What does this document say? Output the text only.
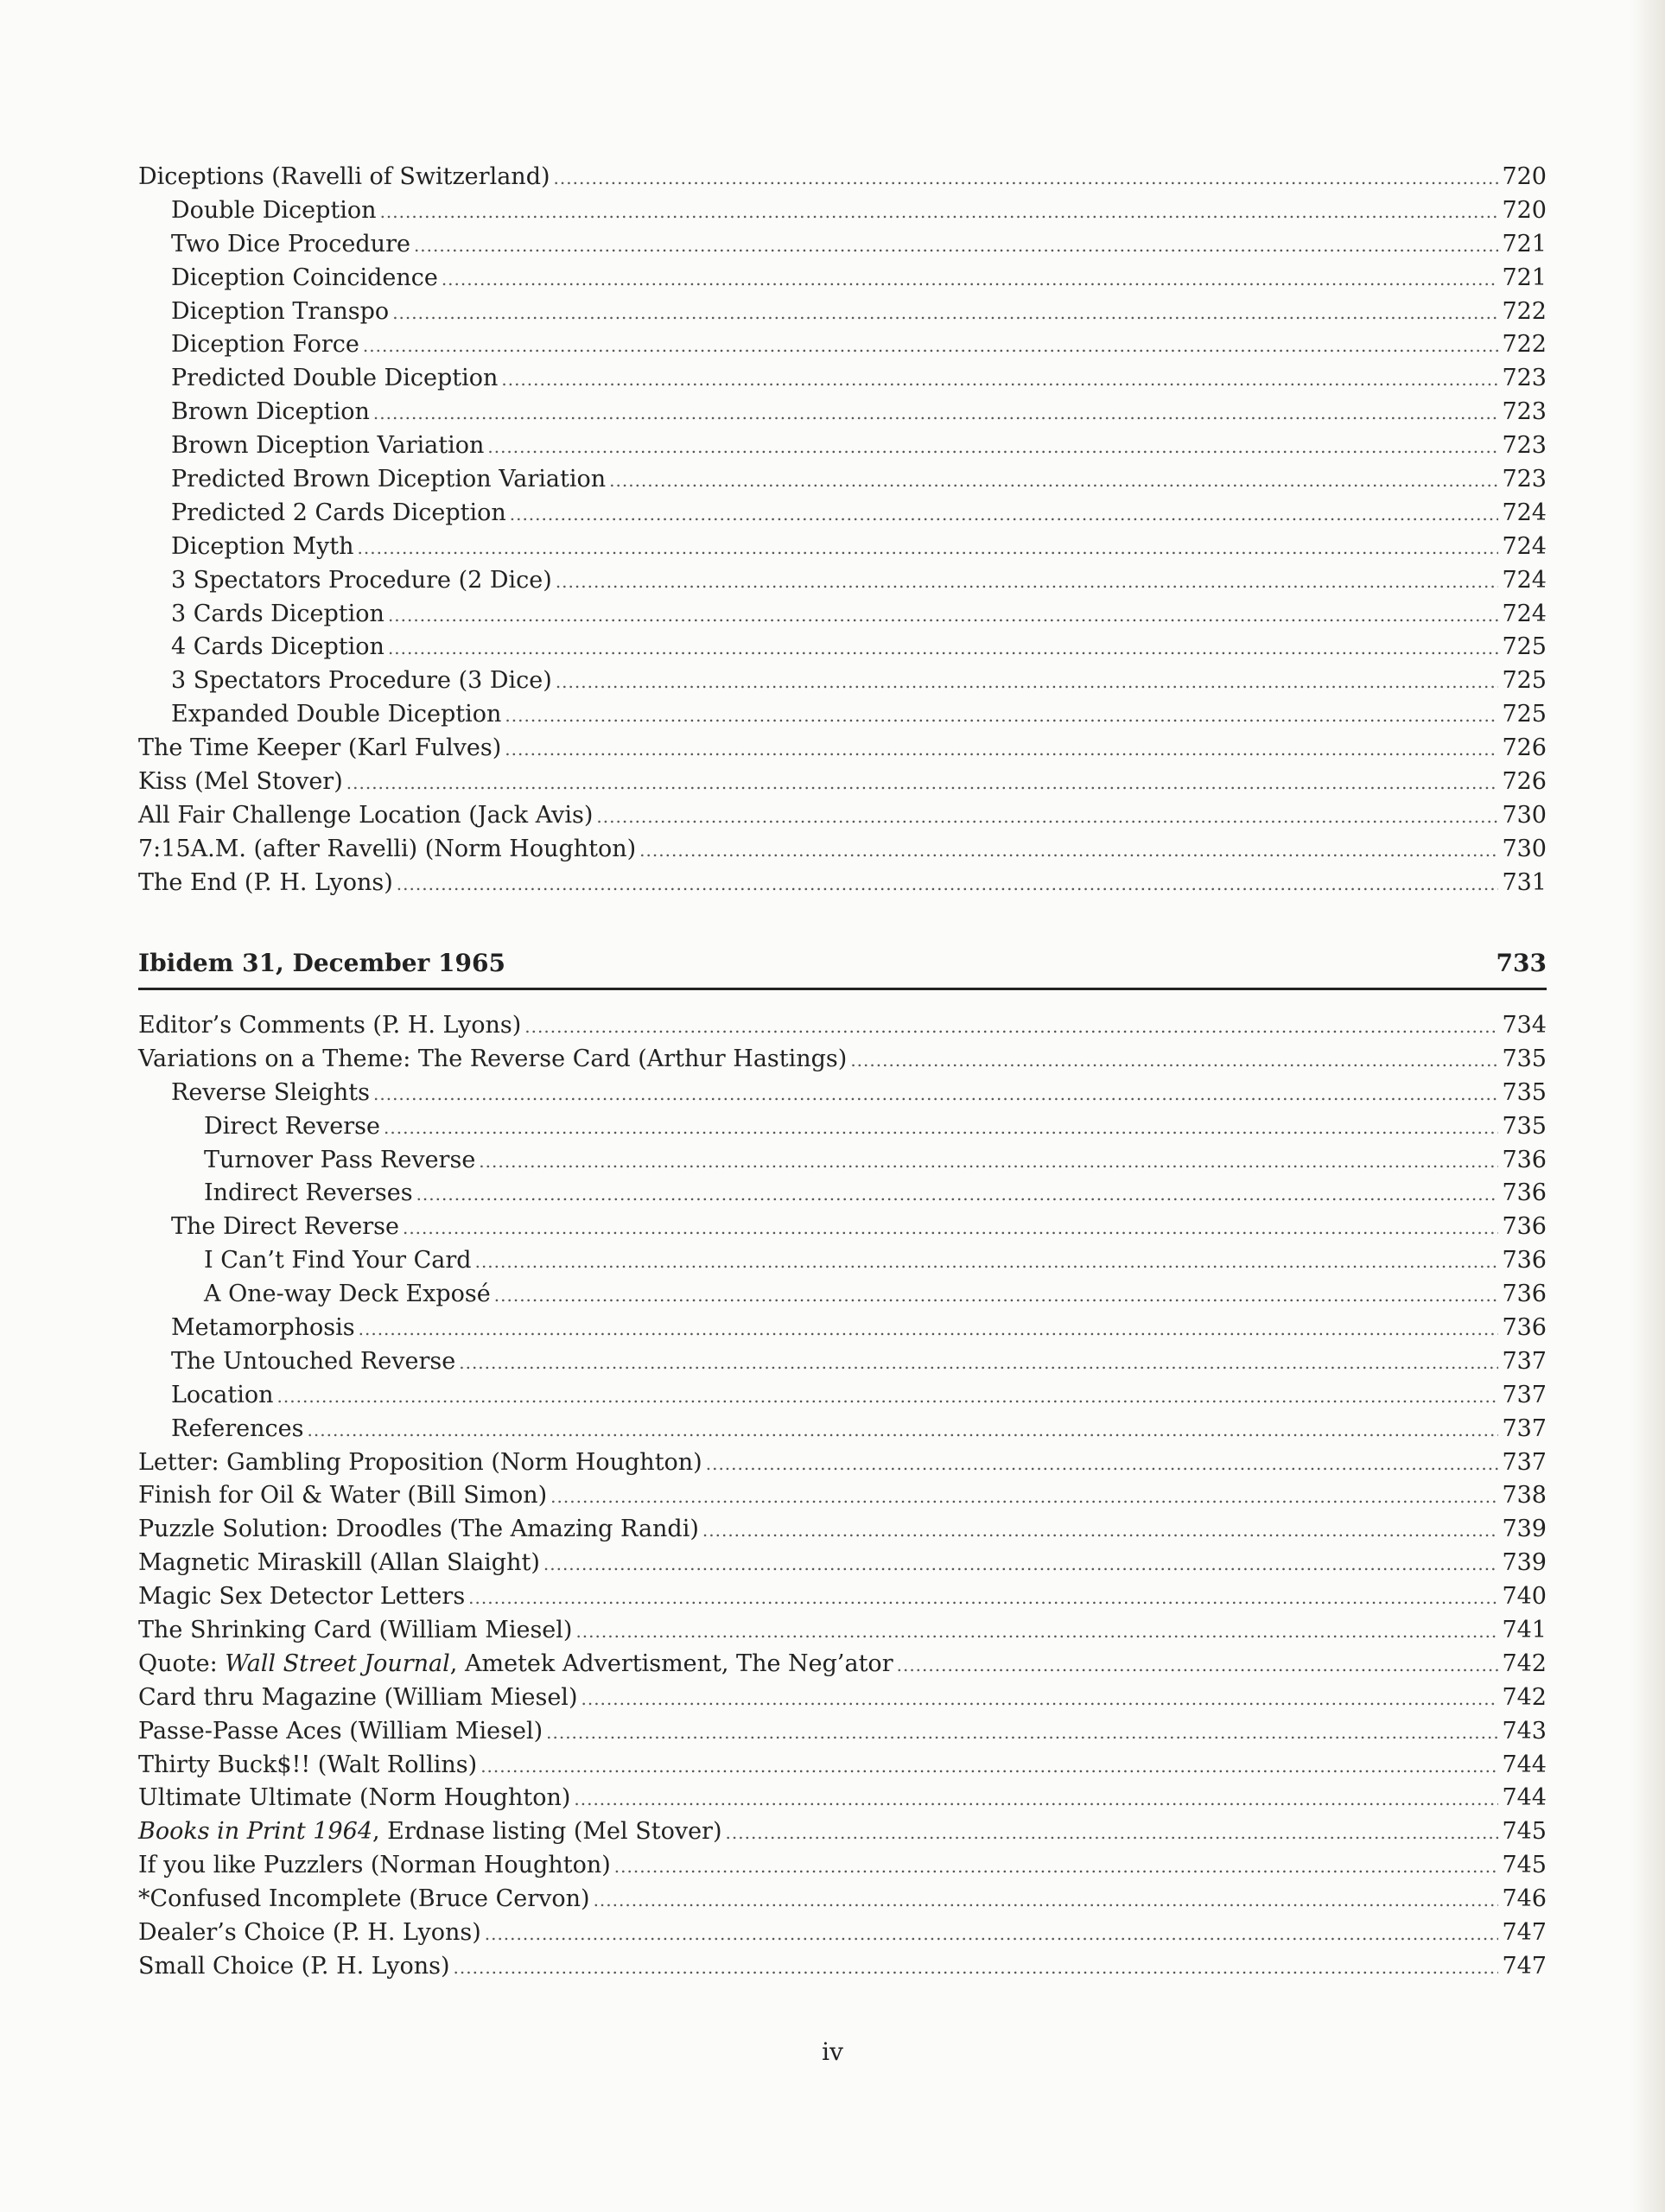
Diceptions (Ravelli of Switzerland) .....	720
Double Diception .....	720
Two Dice Procedure .....	721
Diception Coincidence .....	721
Diception Transpo .....	722
Diception Force .....	722
Predicted Double Diception .....	723
Brown Diception .....	723
Brown Diception Variation .....	723
Predicted Brown Diception Variation .....	723
Predicted 2 Cards Diception .....	724
Diception Myth .....	724
3 Spectators Procedure (2 Dice) .....	724
3 Cards Diception .....	724
4 Cards Diception .....	725
3 Spectators Procedure (3 Dice) .....	725
Expanded Double Diception .....	725
The Time Keeper (Karl Fulves) .....	726
Kiss (Mel Stover) .....	726
All Fair Challenge Location (Jack Avis) .....	730
7:15A.M. (after Ravelli) (Norm Houghton) .....	730
The End (P. H. Lyons) .....	731
Ibidem 31, December 1965	733
Editor’s Comments (P. H. Lyons) .....	734
Variations on a Theme: The Reverse Card (Arthur Hastings) .....	735
Reverse Sleights .....	735
Direct Reverse .....	735
Turnover Pass Reverse .....	736
Indirect Reverses .....	736
The Direct Reverse .....	736
I Can’t Find Your Card .....	736
A One-way Deck Exposé .....	736
Metamorphosis .....	736
The Untouched Reverse .....	737
Location .....	737
References .....	737
Letter: Gambling Proposition (Norm Houghton) .....	737
Finish for Oil & Water (Bill Simon) .....	738
Puzzle Solution: Droodles (The Amazing Randi) .....	739
Magnetic Miraskill (Allan Slaight) .....	739
Magic Sex Detector Letters .....	740
The Shrinking Card (William Miesel) .....	741
Quote: Wall Street Journal, Ametek Advertisment, The Neg’ator .....	742
Card thru Magazine (William Miesel) .....	742
Passe-Passe Aces (William Miesel) .....	743
Thirty Buck$!! (Walt Rollins) .....	744
Ultimate Ultimate (Norm Houghton) .....	744
Books in Print 1964, Erdnase listing (Mel Stover) .....	745
If you like Puzzlers (Norman Houghton) .....	745
*Confused Incomplete (Bruce Cervon) .....	746
Dealer’s Choice (P. H. Lyons) .....	747
Small Choice (P. H. Lyons) .....	747
iv
